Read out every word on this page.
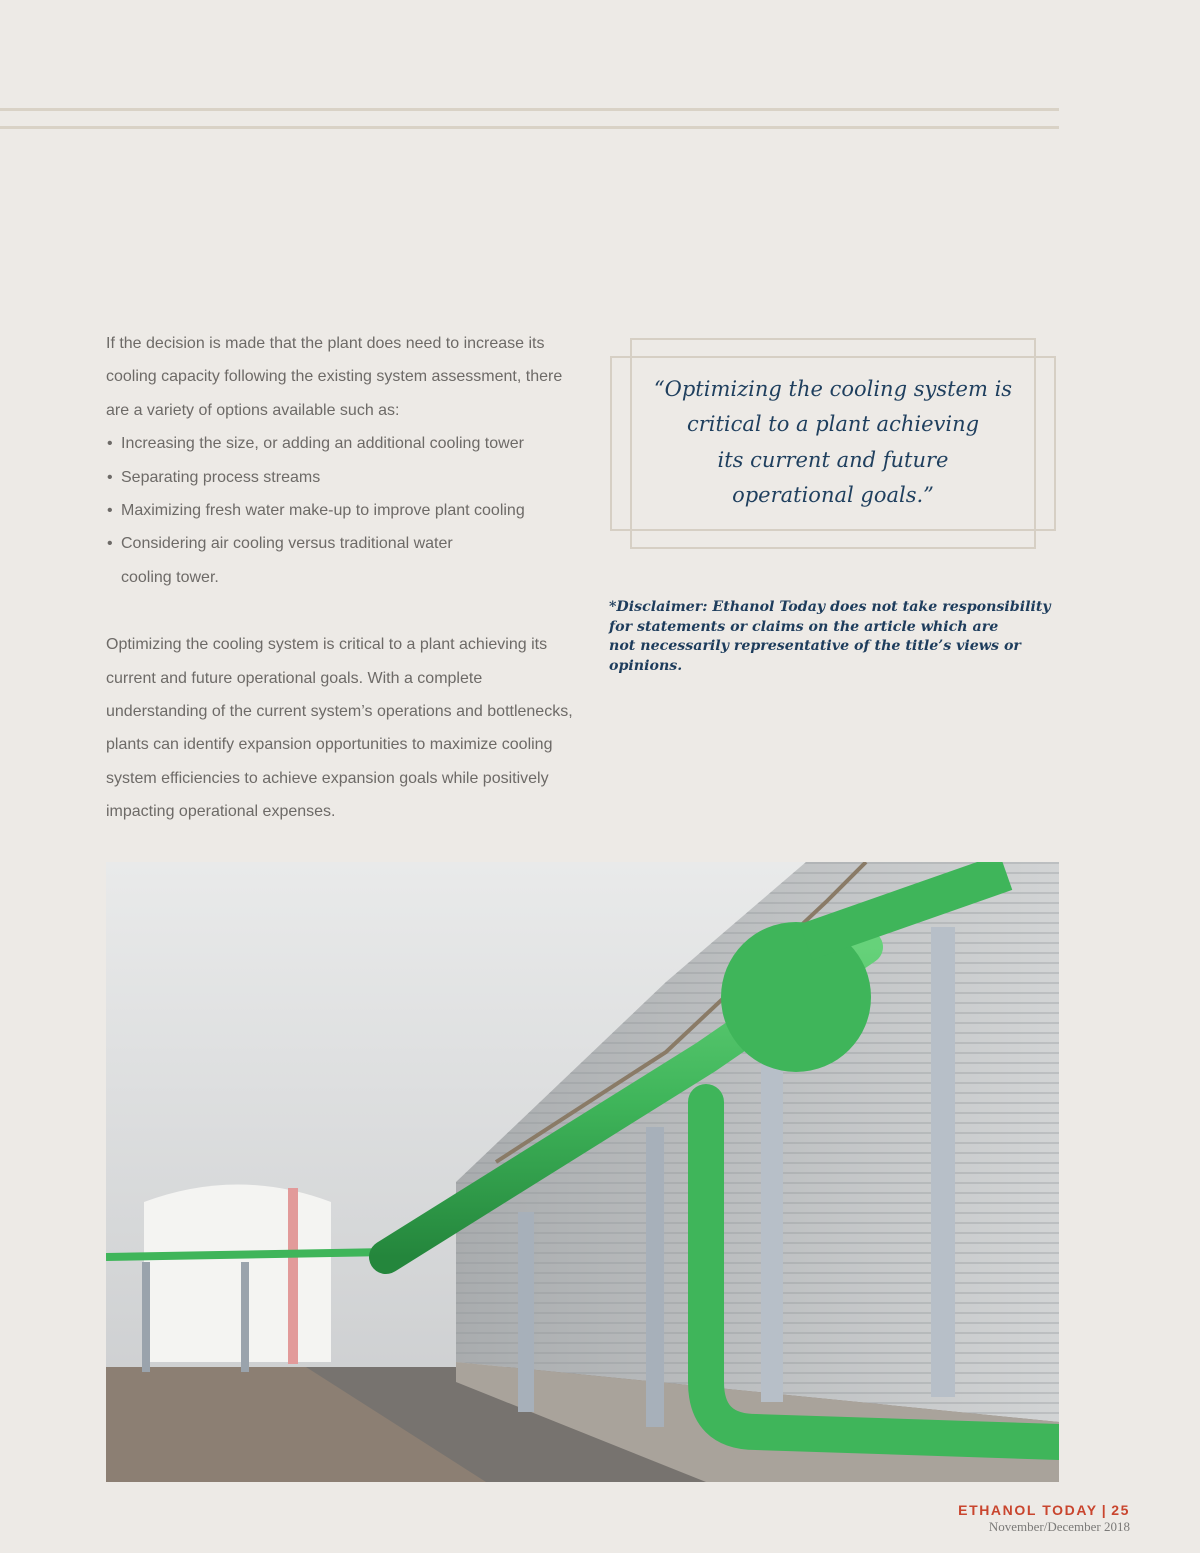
If the decision is made that the plant does need to increase its cooling capacity following the existing system assessment, there are a variety of options available such as:

• Increasing the size, or adding an additional cooling tower
• Separating process streams
• Maximizing fresh water make-up to improve plant cooling
• Considering air cooling versus traditional water cooling tower.

Optimizing the cooling system is critical to a plant achieving its current and future operational goals. With a complete understanding of the current system’s operations and bottlenecks, plants can identify expansion opportunities to maximize cooling system efficiencies to achieve expansion goals while positively impacting operational expenses.

“Optimizing the cooling system is
critical to a plant achieving
its current and future
operational goals.”
*Disclaimer: Ethanol Today does not take responsibility
for statements or claims on the article which are
not necessarily representative of the title’s views or
opinions.
ETHANOL TODAY | 25
November/December 2018
